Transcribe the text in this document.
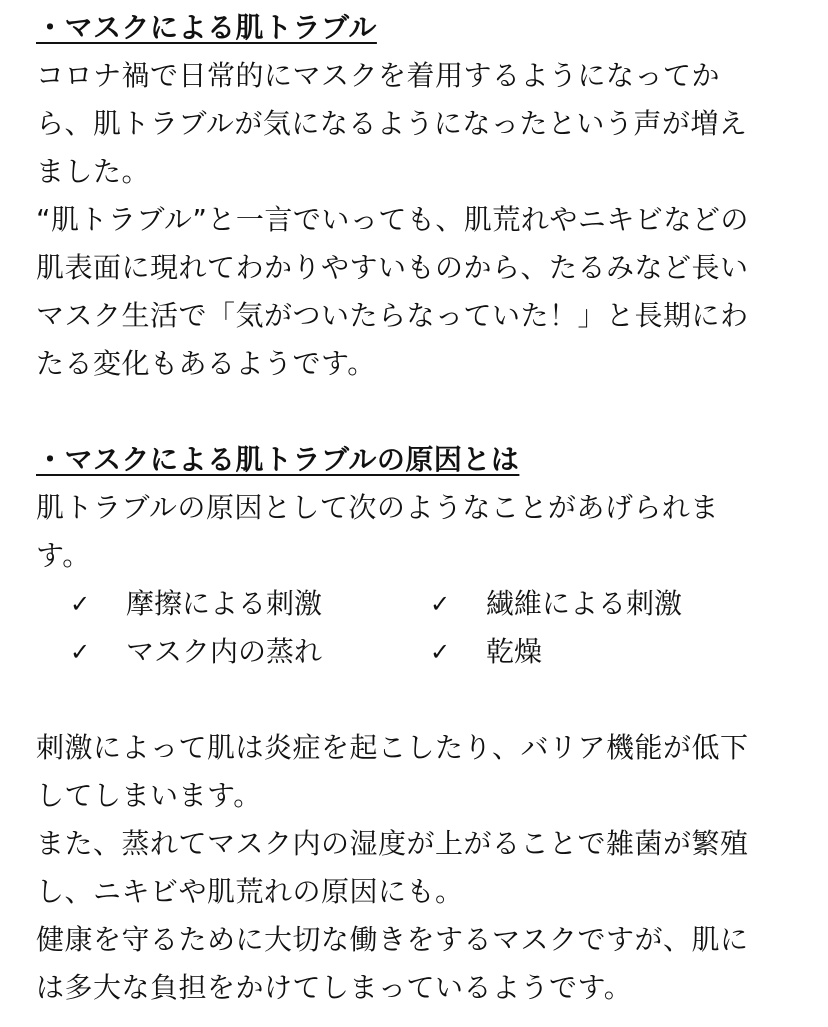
・マスクによる肌トラブル
コロナ禍で日常的にマスクを着用するようになってか
ら、肌トラブルが気になるようになったという声が増え
ました。
“肌トラブル”と一言でいっても、肌荒れやニキビなどの
肌表面に現れてわかりやすいものから、たるみなど長い
マスク生活で「気がついたらなっていた！」と長期にわ
たる変化もあるようです。
・マスクによる肌トラブルの原因とは
肌トラブルの原因として次のようなことがあげられま
す。
✓	摩擦による刺激	✓	繊維による刺激
✓	マスク内の蒸れ	✓	乾燥
刺激によって肌は炎症を起こしたり、バリア機能が低下
してしまいます。
また、蒸れてマスク内の湿度が上がることで雑菌が繁殖
し、ニキビや肌荒れの原因にも。
健康を守るために大切な働きをするマスクですが、肌に
は多大な負担をかけてしまっているようです。
